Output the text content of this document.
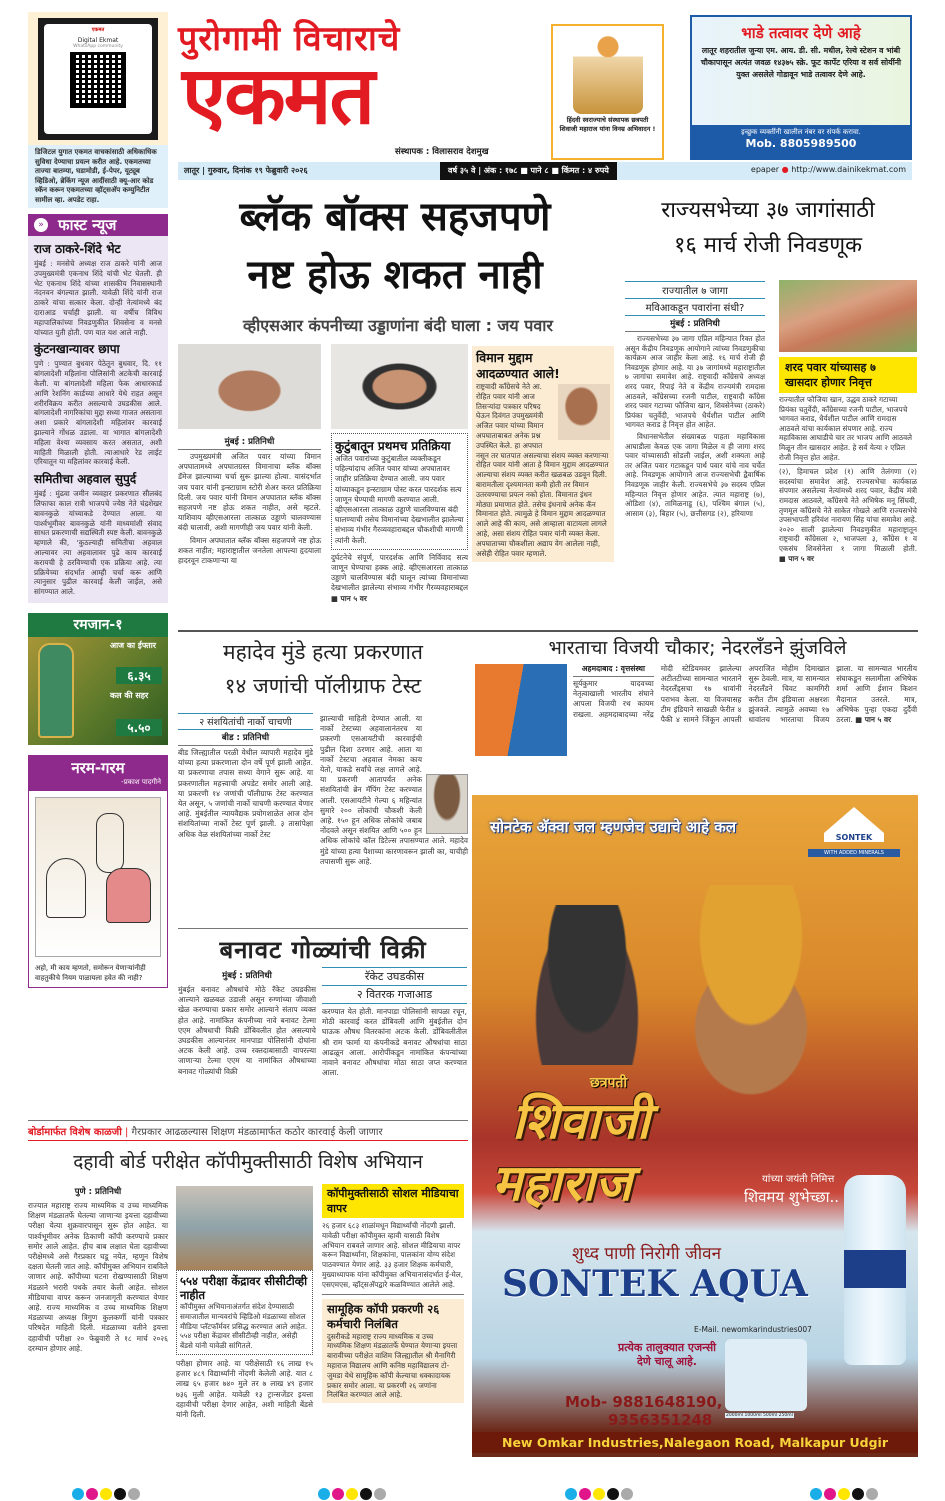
एकमत
Digital Ekmat
WhatsApp community
डिजिटल युगात एकमत वाचकांसाठी अधिकाधिक सुविधा देण्याचा प्रयत्न करीत आहे. एकमतच्या ताज्या बातम्या, घडामोडी, ई-पेपर, यूट्यूब व्हिडिओ, ब्रेकिंग न्यूज आदींसाठी क्यू-आर कोड स्कॅन करून एकमतच्या व्हॉट्सअ‍ॅप कम्युनिटीत सामील व्हा. अपडेट राहा.
» फास्ट न्यूज
राज ठाकरे-शिंदे भेट
मुंबई : मनसेचे अध्यक्ष राज ठाकरे यांनी आज उपमुख्यमंत्री एकनाथ शिंदे यांची भेट घेतली. ही भेट एकनाथ शिंदे यांच्या शासकीय निवासस्थानी नंदनवन बंगल्यात झाली. यावेळी शिंदे यांनी राज ठाकरे यांचा सत्कार केला. दोन्ही नेत्यांमध्ये बंद दाराआड चर्चाही झाली. या वर्षीच विविध महापालिकांच्या निवडणुकीत शिवसेना व मनसे यांच्यात युती होती. पण यात यश आले नाही.
कुंटनखान्यावर छापा
पुणे : पुण्यात बुधवार पेठेतून बुधवार, दि. ११ बांगलादेशी महिलांना पोलिसांनी अटकेची कारवाई केली. या बांगलादेशी महिला फेक आधारकार्ड आणि रेशनिंग कार्डच्या आधारे येथे राहत असून शरीरविक्रय करीत असल्याचे उघडकीस आले. बांगलादेशी नागरिकांचा मुद्दा सध्या गाजत असताना अशा प्रकारे बांगलादेशी महिलांवर कारवाई झाल्याने गोंधळ उडाला. या भागात बांगलादेशी महिला वेश्या व्यवसाय करत असतात, अशी माहिती मिळाली होती. त्याआधारे रेड लाईट एरियातून या महिलांवर कारवाई केली.
समितीचा अहवाल सुपुर्द
मुंबई : मुंढवा जमीन व्यवहार प्रकरणात सीलबंद लिफाफा काल रात्री भाजपचे ज्येष्ठ नेते चंद्रशेखर बावनकुळे यांच्याकडे देण्यात आला. या पार्श्वभूमीवर बावनकुळे यांनी माध्यमांशी संवाद साधत प्रकरणाची सद्यस्थिती स्पष्ट केली. बावनकुळे म्हणाले की, 'कुठल्याही समितीचा अहवाल आल्यावर त्या अहवालावर पुढे काय कारवाई करायची हे ठरविण्याची एक प्रक्रिया आहे. त्या प्रक्रियेच्या संदर्भात आम्ही चर्चा करू आणि त्यानुसार पुढील कारवाई केली जाईल, असे सांगण्यात आले.
रमजान-१
आज का ईफ्तार
६.३५
कल की सहर
५.५०
नरम-गरम
-प्रकाश पादगीने
अहो, मी काय म्हणतो, समोरून येणाऱ्यांनीही वाहतुकीचे नियम पाळायला हवेत की नाही?
पुरोगामी विचाराचे
एकमत
संस्थापक : विलासराव देशमुख
हिंदवी स्वराज्याचे संस्थापक छत्रपती शिवाजी महाराज यांना विनम्र अभिवादन !
भाडे तत्वावर देणे आहे
लातूर शहरातील जुन्या एम. आय. डी. सी. मधील, रेल्वे स्टेशन व भांबी चौकापासून अत्यंत जवळ १४३७५ स्क्रे. फूट कार्पेट एरिया व सर्व सोयींनी युक्त असलेले गोडावून भाडे तत्वावर देणे आहे.
इच्छुक व्यक्तींनी खालील नंबर वर संपर्क करावा.
Mob. 8805989500
लातूर | गुरुवार, दिनांक १९ फेब्रुवारी २०२६	वर्ष ३५ वे | अंक : १७८ ■ पाने ८ ■ किंमत : ४ रुपये	epaper ● http://www.dainikekmat.com
ब्लॅक बॉक्स सहजपणे
नष्ट होऊ शकत नाही
व्हीएसआर कंपनीच्या उड्डाणांना बंदी घाला : जय पवार
मुंबई : प्रतिनिधी

उपमुख्यमंत्री अजित पवार यांच्या विमान अपघातामध्ये अपघातग्रस्त विमानाचा ब्लॅक बॉक्स डॅमेज झाल्याच्या चर्चा सुरू झाल्या होत्या. यासंदर्भात जय पवार यांनी इन्स्टाग्राम स्टोरी शेअर करत प्रतिक्रिया दिली. जय पवार यांनी विमान अपघातात ब्लॅक बॉक्स सहजपणे नष्ट होऊ शकत नाहीत, असे म्हटले. याशिवाय व्हीएसआरला तात्काळ उड्डाणे चालवण्यास बंदी घालावी, अशी मागणीही जय पवार यांनी केली.

विमान अपघातात ब्लॅक बॉक्स सहजपणे नष्ट होऊ शकत नाहीत; महाराष्ट्रातील जनतेला आपल्या हृदयाला हादरवून टाकणाऱ्या या

कुटुंबातून प्रथमच प्रतिक्रिया
अजित पवारांच्या कुटुंबातील व्यक्तीकडून पहिल्यांदाच अजित पवार यांच्या अपघातावर जाहीर प्रतिक्रिया देण्यात आली. जय पवार यांच्याकडून इन्स्टाग्राम पोस्ट करत पारदर्शक सत्य जाणून घेण्याची मागणी करण्यात आली. व्हीएसआरला तात्काळ उड्डाणे चालविण्यास बंदी घालण्याची तसेच विमानांच्या देखभालीत झालेल्या संभाव्य गंभीर गैरव्यवहाराबद्दल चौकशीची मागणी त्यांनी केली.
दुर्घटनेचे संपूर्ण, पारदर्शक आणि निर्विवाद सत्य जाणून घेण्याचा हक्क आहे. व्हीएसआरला तात्काळ उड्डाणे चालविण्यास बंदी घालून त्यांच्या विमानांच्या देखभालीत झालेल्या संभाव्य गंभीर गैरव्यवहाराबद्दल ■ पान ५ वर
विमान मुद्दाम आदळण्यात आले!
राष्ट्रवादी काँग्रेसचे नेते आ. रोहित पवार यांनी आज तिसऱ्यांदा पत्रकार परिषद घेऊन दिवंगत उपमुख्यमंत्री अजित पवार यांच्या विमान अपघाताबाबत अनेक प्रश्न उपस्थित केले. हा अपघात नसून तर घातपात असल्याचा संशय व्यक्त करणाऱ्या रोहित पवार यांनी आता हे विमान मुद्दाम आदळण्यात आल्याचा संशय व्यक्त करीत खळबळ उडवून दिली. बारामतीला दृश्यमानता कमी होती तर विमान उतरवण्याचा प्रयत्न नको होता. विमानात इंधन मोठ्या प्रमाणात होते. तसेच इंधनाचे अनेक कॅन विमानात होते. त्यामुळे हे विमान मुद्दाम आदळण्यात आले आहे की काय, असे आम्हाला वाटायला लागले आहे, असा संशय रोहित पवार यांनी व्यक्त केला. अपघाताच्या चौकशीला अद्याप वेग आलेला नाही, असेही रोहित पवार म्हणाले.
राज्यसभेच्या ३७ जागांसाठी
१६ मार्च रोजी निवडणूक
राज्यातील ७ जागा
मविआकडून पवारांना संधी?
मुंबई : प्रतिनिधी

राज्यसभेच्या ३७ जागा एप्रिल महिन्यात रिक्त होत असून केंद्रीय निवडणूक आयोगाने त्यांच्या निवडणुकीचा कार्यक्रम आज जाहीर केला आहे. १६ मार्च रोजी ही निवडणूक होणार आहे. या ३७ जागांमध्ये महाराष्ट्रातील ७ जागांचा समावेश आहे. राष्ट्रवादी काँग्रेसचे अध्यक्ष शरद पवार, रिपाइं नेते व केंद्रीय राज्यमंत्री रामदास आठवले, काँग्रेसच्या रजनी पाटील, राष्ट्रवादी काँग्रेस शरद पवार गटाच्या फौजिया खान, शिवसेनेच्या (ठाकरे) प्रियंका चतुर्वेदी, भाजपचे धैर्यशील पाटील आणि भागवत कराड हे निवृत्त होत आहेत.

विधानसभेतील संख्याबळ पाहता महाविकास आघाडीला केवळ एक जागा मिळेल व ही जागा शरद पवार यांच्यासाठी सोडली जाईल, अशी शक्यता आहे तर अजित पवार गटाकडून पार्थ पवार यांचे नाव चर्चेत आहे. निवडणूक आयोगाने आज राज्यसभेची द्वैवार्षिक निवडणूक जाहीर केली. राज्यसभेचे ३७ सदस्य एप्रिल महिन्यात निवृत्त होणार आहेत. त्यात महाराष्ट्र (७), ओडिशा (४), तामिळनाडू (६), पश्चिम बंगाल (५), आसाम (३), बिहार (५), छत्तीसगड (२), हरियाणा

शरद पवार यांच्यासह ७ खासदार होणार निवृत्त
राज्यातील फौजिया खान, उद्धव ठाकरे गटाच्या प्रियंका चतुर्वेदी, काँग्रेसच्या रजनी पाटील, भाजपचे भागवत कराड, धैर्यशील पाटील आणि रामदास आठवले यांचा कार्यकाल संपणार आहे. राज्य महाविकास आघाडीचे चार तर भाजप आणि आठवले मिळून तीन खासदार आहेत. हे सर्व येत्या २ एप्रिल रोजी निवृत्त होत आहेत.
(२), हिमाचल प्रदेश (१) आणि तेलंगणा (२) सदस्यांचा समावेश आहे. राज्यसभेचा कार्यकाळ संपणार असलेल्या नेत्यांमध्ये शरद पवार, केंद्रीय मंत्री रामदास आठवले, काँग्रेसचे नेते अभिषेक मनू सिंघवी, तृणमूल काँग्रेसचे नेते साकेत गोखले आणि राज्यसभेचे उपसभापती हरिवंश नारायण सिंह यांचा समावेश आहे. २०२० साली झालेल्या निवडणुकीत महाराष्ट्रातून राष्ट्रवादी काँग्रेसला २, भाजपला ३, काँग्रेस १ व एकसंघ शिवसेनेला १ जागा मिळाली होती. ■ पान ५ वर
महादेव मुंडे हत्या प्रकरणात
१४ जणांची पॉलीग्राफ टेस्ट
२ संशयितांची नार्को चाचणी
बीड : प्रतिनिधी
बीड जिल्ह्यातील परळी येथील व्यापारी महादेव मुंडे यांच्या हत्या प्रकरणाला दोन वर्षे पूर्ण झाली आहेत. या प्रकरणाचा तपास सध्या वेगाने सुरू आहे. या प्रकरणातील महत्त्वाची अपडेट समोर आली आहे. या प्रकरणी १४ जणांची पॉलीग्राफ टेस्ट करण्यात येत असून, ५ जणांची नार्को चाचणी करण्यात येणार आहे. मुंबईतील न्यायवैद्यक प्रयोगशाळेत आज दोन संशयितांच्या नार्को टेस्ट पूर्ण झाली. ३ तासांपेक्षा अधिक वेळ संशयितांच्या नार्को टेस्ट
झाल्याची माहिती देण्यात आली. या नार्को टेस्टच्या अहवालानंतरच या प्रकरणी एसआयटीची कारवाईची पुढील दिशा ठरणार आहे. आता या नार्को टेस्टचा अहवाल नेमका काय येतो, याकडे सर्वांचे लक्ष लागले आहे. या प्रकरणी आतापर्यंत अनेक संशयितांची ब्रेन मॅपिंग टेस्ट करण्यात आली. एसआयटीने गेल्या ६ महिन्यांत सुमारे २०० लोकांची चौकशी केली आहे. १५० हून अधिक लोकांचे जबाब नोंदवले असून संशयित आणि ५०० हून अधिक लोकांचे कॉल डिटेल्स तपासण्यात आले. महादेव मुंडे यांच्या हत्या पैशाच्या कारणावरून झाली का, याचीही तपासणी सुरू आहे.
भारताचा विजयी चौकार; नेदरलँडने झुंजविले
अहमदाबाद : वृत्तसंस्था
सूर्यकुमार यादवच्या नेतृत्वाखाली भारतीय संघाने आपला विजयी रथ कायम राखला. अहमदाबादच्या नरेंद्र मोदी स्टेडियमवर झालेल्या अटीतटीच्या सामन्यात भारताने नेदरलँड्सचा १७ धावांनी पराभव केला. या विजयासह टीम इंडियाने साखळी फेरीत ४ पैकी ४ सामने जिंकून आपली अपराजित मोहीम दिमाखात सुरू ठेवली. मात्र, या सामन्यात नेदरलँडने चिवट कामगिरी करीत टीम इंडियाला अक्षरशः झुंजवले. त्यामुळे अवघ्या १७ धावांतच भारताचा विजय झाला. या सामन्यात भारतीय संघाकडून सलामीला अभिषेक शर्मा आणि ईशान किशन मैदानात उतरले. मात्र, अभिषेक पुन्हा एकदा दुर्दैवी ठरला. ■ पान ५ वर
बनावट गोळ्यांची विक्री
मुंबई : प्रतिनिधी
मुंबईत बनावट औषधांचे मोठे रॅकेट उघडकीस आल्याने खळबळ उडाली असून रुग्णांच्या जीवाशी खेळ करण्याचा प्रकार समोर आल्याने संताप व्यक्त होत आहे. नामांकित कंपनीच्या नावे बनावट टेल्मा एएम औषधाची विक्री डोंबिवलीत होत असल्याचे उघडकीस आल्यानंतर मानपाडा पोलिसांनी दोघांना अटक केली आहे. उच्च रक्तदाबासाठी वापरल्या जाणाऱ्या टेल्मा एएम या नामांकित औषधाच्या बनावट गोळ्यांची विक्री
रॅकेट उघडकीस
२ वितरक गजाआड
करण्यात येत होती. मानपाडा पोलिसांनी सापळा रचून, मोठी कारवाई करत डोंबिवली आणि मुंबईतील दोन घाऊक औषध वितरकांना अटक केली. डोंबिवलीतील श्री राम फार्मा या कंपनीकडे बनावट औषधांचा साठा आढळून आला. आरोपींकडून नामांकित कंपन्यांच्या नावाने बनावट औषधांचा मोठा साठा जप्त करण्यात आला.
बोर्डामार्फत विशेष काळजी | गैरप्रकार आढळल्यास शिक्षण मंडळामार्फत कठोर कारवाई केली जाणार
दहावी बोर्ड परीक्षेत कॉपीमुक्तीसाठी विशेष अभियान
पुणे : प्रतिनिधी
राज्यात महाराष्ट्र राज्य माध्यमिक व उच्च माध्यमिक शिक्षण मंडळातर्फे घेतल्या जाणाऱ्या इयत्ता दहावीच्या परीक्षा येत्या शुक्रवारपासून सुरू होत आहेत. या पार्श्वभूमीवर अनेक ठिकाणी कॉपी करण्याचे प्रकार समोर आले आहेत. हीच बाब लक्षात घेता दहावीच्या परीक्षेमध्ये असे गैरप्रकार घडू नयेत, म्हणून विशेष दक्षता घेतली जात आहे. कॉपीमुक्त अभियान राबविले जाणार आहे. कॉपीच्या घटना रोखण्यासाठी शिक्षण मंडळाने भरारी पथके तयार केली आहेत. सोशल मीडियाचा वापर करून जनजागृती करण्यात येणार आहे. राज्य माध्यमिक व उच्च माध्यमिक शिक्षण मंडळाच्या अध्यक्ष त्रिगुण कुलकर्णी यांनी पत्रकार परिषदेत माहिती दिली. मंडळाच्या वतीने इयत्ता दहावीची परीक्षा २० फेब्रुवारी ते १८ मार्च २०२६ दरम्यान होणार आहे.
५५४ परीक्षा केंद्रावर सीसीटीव्ही नाहीत
कॉपीमुक्त अभियानाअंतर्गत संदेश देण्यासाठी समाजातील मान्यवरांचे व्हिडिओ मंडळाच्या सोशल मीडिया प्लॅटफॉर्मवर प्रसिद्ध करण्यात आले आहेत. ५५४ परीक्षा केंद्रावर सीसीटीव्ही नाहीत, असेही बेंडसे यांनी यावेळी सांगितले.
परीक्षा होणार आहे. या परीक्षेसाठी १६ लाख १५ हजार ४८९ विद्यार्थ्यांनी नोंदणी केलेली आहे. यात ८ लाख ६५ हजार ७४० मुले तर ७ लाख ४९ हजार ७३६ मुली आहेत. यावेळी १३ ट्रान्सजेंडर इयत्ता दहावीची परीक्षा देणार आहेत, अशी माहिती बेंडसे यांनी दिली.
कॉपीमुक्तीसाठी सोशल मीडियाचा वापर
२६ हजार ६८३ शाळांमधून विद्यार्थ्यांची नोंदणी झाली. यावेळी परीक्षा कॉपीमुक्त व्हावी यासाठी विशेष अभियान राबवले जाणार आहे. सोशल मीडियाचा वापर करून विद्यार्थ्यांना, शिक्षकांना, पालकांना योग्य संदेश पाठवण्यात येणार आहे. ३३ हजार शिक्षक कर्मचारी, मुख्याध्यापक यांना कॉपीमुक्त अभियानासंदर्भात ई-मेल, एसएमएस, व्हॉट्सअ‍ॅपद्वारे कळविण्यात आलेले आहे.
सामूहिक कॉपी प्रकरणी २६ कर्मचारी निलंबित
दुसरीकडे महाराष्ट्र राज्य माध्यमिक व उच्च माध्यमिक शिक्षण मंडळातर्फे घेण्यात येणाऱ्या इयत्ता बारावीच्या परीक्षेत वाशिम जिल्ह्यातील श्री मैनागिरी महाराज विद्यालय आणि कनिष्ठ महाविद्यालय टो-जुमडा येथे सामूहिक कॉपी केल्याचा धक्कादायक प्रकार समोर आला. या प्रकरणी २६ जणांना निलंबित करण्यात आले आहे.
सोनटेक अ‍ॅक्वा जल म्हणजेच उद्याचे आहे कल
SONTEK
WITH ADDED MINERALS
छत्रपती
शिवाजी
महाराज	यांच्या जयंती निमित्त
शिवमय शुभेच्छा..
शुध्द पाणी निरोगी जीवन
SONTEK AQUA
E-Mail. newomkarindustries007
प्रत्येक तालुक्यात एजन्सी देणे चालू आहे.
Mob- 9881648190,
9356351248	2000ml 1000ml 500ml 250ml
New Omkar Industries,Nalegaon Road, Malkapur Udgir
